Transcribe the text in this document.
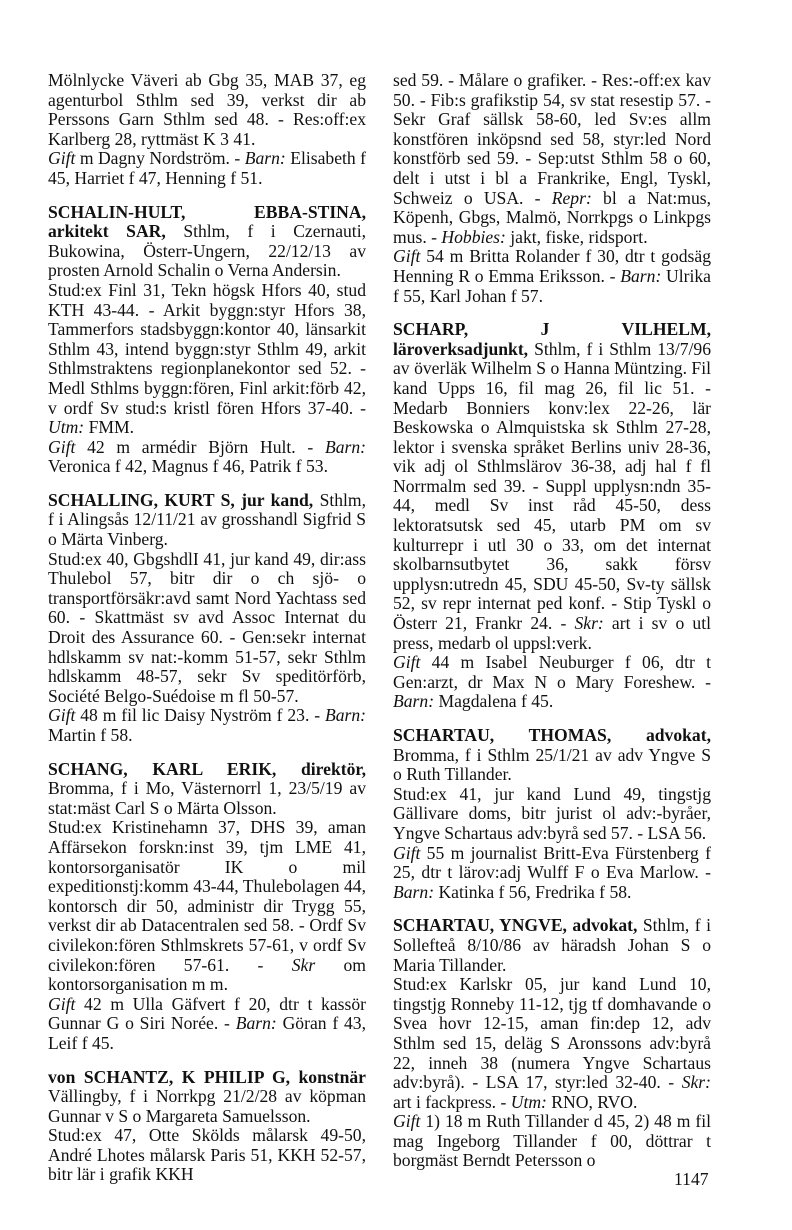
Mölnlycke Väveri ab Gbg 35, MAB 37, eg agenturbol Sthlm sed 39, verkst dir ab Perssons Garn Sthlm sed 48. - Res:off:ex Karlberg 28, ryttmäst K 3 41.
Gift m Dagny Nordström. - Barn: Elisabeth f 45, Harriet f 47, Henning f 51.
SCHALIN-HULT, EBBA-STINA, arkitekt SAR, Sthlm, f i Czernauti, Bukowina, Österr-Ungern, 22/12/13 av prosten Arnold Schalin o Verna Andersin.
Stud:ex Finl 31, Tekn högsk Hfors 40, stud KTH 43-44. - Arkit byggn:styr Hfors 38, Tammerfors stadsbyggn:kontor 40, länsarkit Sthlm 43, intend byggn:styr Sthlm 49, arkit Sthlmstraktens regionplanekontor sed 52. - Medl Sthlms byggn:fören, Finl arkit:förb 42, v ordf Sv stud:s kristl fören Hfors 37-40. - Utm: FMM.
Gift 42 m armédir Björn Hult. - Barn: Veronica f 42, Magnus f 46, Patrik f 53.
SCHALLING, KURT S, jur kand, Sthlm, f i Alingsås 12/11/21 av grosshandl Sigfrid S o Märta Vinberg.
Stud:ex 40, GbgshdlI 41, jur kand 49, dir:ass Thulebol 57, bitr dir o ch sjö- o transportförsäkr:avd samt Nord Yachtass sed 60. - Skattmäst sv avd Assoc Internat du Droit des Assurance 60. - Gen:sekr internat hdlskamm sv nat:-komm 51-57, sekr Sthlm hdlskamm 48-57, sekr Sv speditörförb, Société Belgo-Suédoise m fl 50-57.
Gift 48 m fil lic Daisy Nyström f 23. - Barn: Martin f 58.
SCHANG, KARL ERIK, direktör, Bromma, f i Mo, Västernorrl 1, 23/5/19 av stat:mäst Carl S o Märta Olsson.
Stud:ex Kristinehamn 37, DHS 39, aman Affärsekon forskn:inst 39, tjm LME 41, kontorsorganisatör IK o mil expeditionstj:komm 43-44, Thulebolagen 44, kontorsch dir 50, administr dir Trygg 55, verkst dir ab Datacentralen sed 58. - Ordf Sv civilekon:fören Sthlmskrets 57-61, v ordf Sv civilekon:fören 57-61. - Skr om kontorsorganisation m m.
Gift 42 m Ulla Gäfvert f 20, dtr t kassör Gunnar G o Siri Norée. - Barn: Göran f 43, Leif f 45.
von SCHANTZ, K PHILIP G, konstnär Vällingby, f i Norrkpg 21/2/28 av köpman Gunnar v S o Margareta Samuelsson.
Stud:ex 47, Otte Skölds målarsk 49-50, André Lhotes målarsk Paris 51, KKH 52-57, bitr lär i grafik KKH
sed 59. - Målare o grafiker. - Res:-off:ex kav 50. - Fib:s grafikstip 54, sv stat resestip 57. - Sekr Graf sällsk 58-60, led Sv:es allm konstfören inköpsnd sed 58, styr:led Nord konstförb sed 59. - Sep:utst Sthlm 58 o 60, delt i utst i bl a Frankrike, Engl, Tyskl, Schweiz o USA. - Repr: bl a Nat:mus, Köpenh, Gbgs, Malmö, Norrkpgs o Linkpgs mus. - Hobbies: jakt, fiske, ridsport.
Gift 54 m Britta Rolander f 30, dtr t godsäg Henning R o Emma Eriksson. - Barn: Ulrika f 55, Karl Johan f 57.
SCHARP, J VILHELM, läroverksadjunkt, Sthlm, f i Sthlm 13/7/96 av överläk Wilhelm S o Hanna Müntzing. Fil kand Upps 16, fil mag 26, fil lic 51. - Medarb Bonniers konv:lex 22-26, lär Beskowska o Almquistska sk Sthlm 27-28, lektor i svenska språket Berlins univ 28-36, vik adj ol Sthlmslärov 36-38, adj hal f fl Norrmalm sed 39. - Suppl upplysn:ndn 35-44, medl Sv inst råd 45-50, dess lektoratsutsk sed 45, utarb PM om sv kulturrepr i utl 30 o 33, om det internat skolbarnsutbytet 36, sakk försv upplysn:utredn 45, SDU 45-50, Sv-ty sällsk 52, sv repr internat ped konf. - Stip Tyskl o Österr 21, Frankr 24. - Skr: art i sv o utl press, medarb ol uppsl:verk.
Gift 44 m Isabel Neuburger f 06, dtr t Gen:arzt, dr Max N o Mary Foreshew. - Barn: Magdalena f 45.
SCHARTAU, THOMAS, advokat, Bromma, f i Sthlm 25/1/21 av adv Yngve S o Ruth Tillander.
Stud:ex 41, jur kand Lund 49, tingstjg Gällivare doms, bitr jurist ol adv:-byråer, Yngve Schartaus adv:byrå sed 57. - LSA 56.
Gift 55 m journalist Britt-Eva Fürstenberg f 25, dtr t lärov:adj Wulff F o Eva Marlow. - Barn: Katinka f 56, Fredrika f 58.
SCHARTAU, YNGVE, advokat, Sthlm, f i Sollefteå 8/10/86 av häradsh Johan S o Maria Tillander.
Stud:ex Karlskr 05, jur kand Lund 10, tingstjg Ronneby 11-12, tjg tf domhavande o Svea hovr 12-15, aman fin:dep 12, adv Sthlm sed 15, deläg S Aronssons adv:byrå 22, inneh 38 (numera Yngve Schartaus adv:byrå). - LSA 17, styr:led 32-40. - Skr: art i fackpress. - Utm: RNO, RVO.
Gift 1) 18 m Ruth Tillander d 45, 2) 48 m fil mag Ingeborg Tillander f 00, döttrar t borgmäst Berndt Petersson o
1147
